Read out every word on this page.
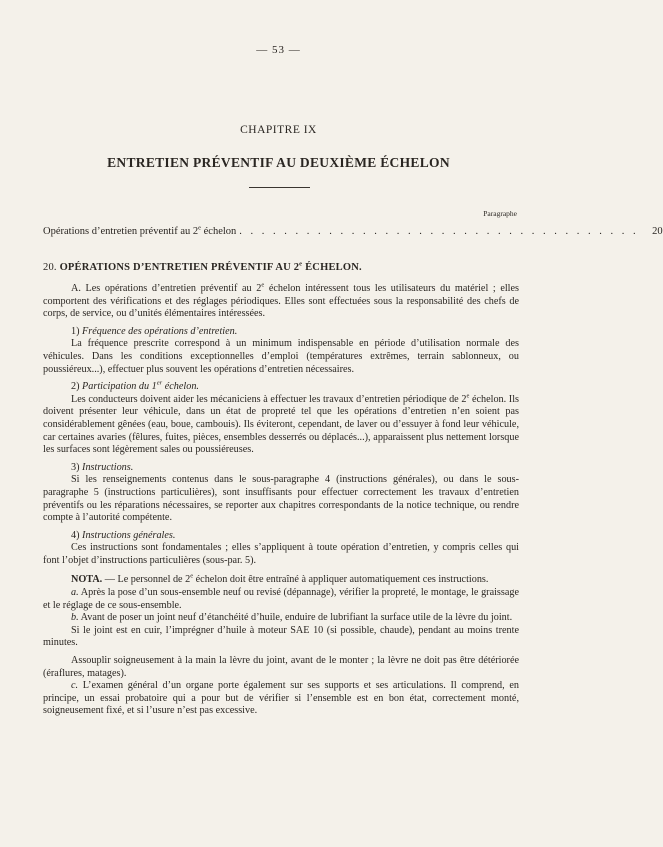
— 53 —
CHAPITRE IX
ENTRETIEN PRÉVENTIF AU DEUXIÈME ÉCHELON
Paragraphe
Opérations d’entretien préventif au 2e échelon . . . . . . . . . . . . . . . . . . . . . . . . . . . . . . . . . . . .	20
20. OPÉRATIONS D’ENTRETIEN PRÉVENTIF AU 2e ÉCHELON.

A. Les opérations d’entretien préventif au 2e échelon intéressent tous les utilisateurs du matériel ; elles comportent des vérifications et des réglages périodiques. Elles sont effectuées sous la responsabilité des chefs de corps, de service, ou d’unités élémentaires intéressées.

1) Fréquence des opérations d’entretien.

La fréquence prescrite correspond à un minimum indispensable en période d’utilisation normale des véhicules. Dans les conditions exceptionnelles d’emploi (températures extrêmes, terrain sablonneux, ou poussiéreux...), effectuer plus souvent les opérations d’entretien nécessaires.

2) Participation du 1er échelon.

Les conducteurs doivent aider les mécaniciens à effectuer les travaux d’entretien périodique de 2e échelon. Ils doivent présenter leur véhicule, dans un état de propreté tel que les opérations d’entretien n’en soient pas considérablement gênées (eau, boue, cambouis). Ils éviteront, cependant, de laver ou d’essuyer à fond leur véhicule, car certaines avaries (fêlures, fuites, pièces, ensembles desserrés ou déplacés...), apparaissent plus nettement lorsque les surfaces sont légèrement sales ou poussiéreuses.

3) Instructions.

Si les renseignements contenus dans le sous-paragraphe 4 (instructions générales), ou dans le sous-paragraphe 5 (instructions particulières), sont insuffisants pour effectuer correctement les travaux d’entretien préventifs ou les réparations nécessaires, se reporter aux chapitres correspondants de la notice technique, ou rendre compte à l’autorité compétente.

4) Instructions générales.

Ces instructions sont fondamentales ; elles s’appliquent à toute opération d’entretien, y compris celles qui font l’objet d’instructions particulières (sous-par. 5).

NOTA. — Le personnel de 2e échelon doit être entraîné à appliquer automatiquement ces instructions.

a. Après la pose d’un sous-ensemble neuf ou revisé (dépannage), vérifier la propreté, le montage, le graissage et le réglage de ce sous-ensemble.

b. Avant de poser un joint neuf d’étanchéité d’huile, enduire de lubrifiant la surface utile de la lèvre du joint.

Si le joint est en cuir, l’imprégner d’huile à moteur SAE 10 (si possible, chaude), pendant au moins trente minutes.

Assouplir soigneusement à la main la lèvre du joint, avant de le monter ; la lèvre ne doit pas être détériorée (éraflures, matages).

c. L’examen général d’un organe porte également sur ses supports et ses articulations. Il comprend, en principe, un essai probatoire qui a pour but de vérifier si l’ensemble est en bon état, correctement monté, soigneusement fixé, et si l’usure n’est pas excessive.
